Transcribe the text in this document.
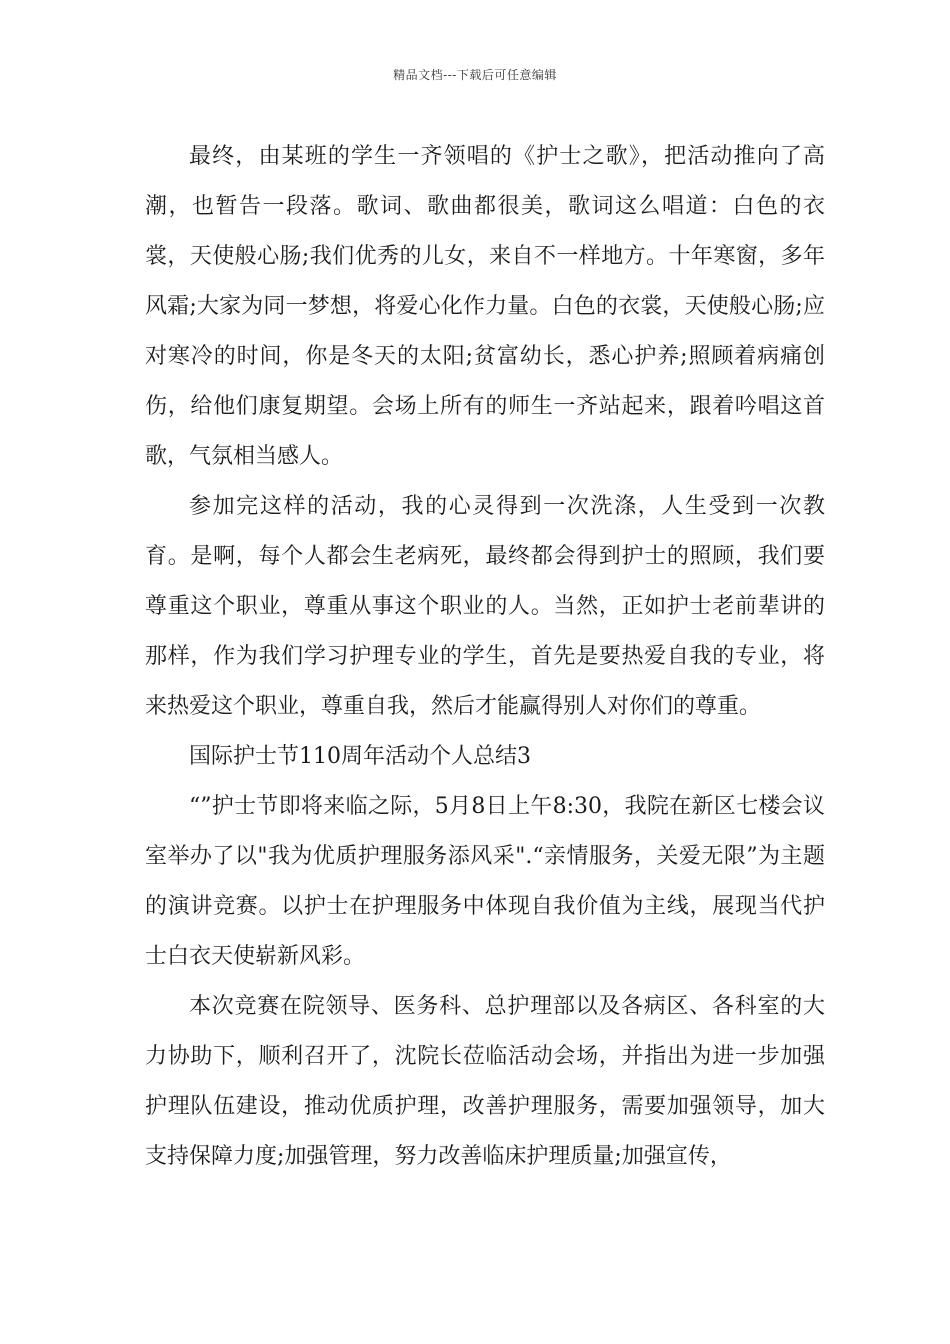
精品文档---下载后可任意编辑

最终，由某班的学生一齐领唱的《护士之歌》，把活动推向了高潮，也暂告一段落。歌词、歌曲都很美，歌词这么唱道：白色的衣裳，天使般心肠;我们优秀的儿女，来自不一样地方。十年寒窗，多年风霜;大家为同一梦想，将爱心化作力量。白色的衣裳，天使般心肠;应对寒冷的时间，你是冬天的太阳;贫富幼长，悉心护养;照顾着病痛创伤，给他们康复期望。会场上所有的师生一齐站起来，跟着吟唱这首歌，气氛相当感人。

参加完这样的活动，我的心灵得到一次洗涤，人生受到一次教育。是啊，每个人都会生老病死，最终都会得到护士的照顾，我们要尊重这个职业，尊重从事这个职业的人。当然，正如护士老前辈讲的那样，作为我们学习护理专业的学生，首先是要热爱自我的专业，将来热爱这个职业，尊重自我，然后才能赢得别人对你们的尊重。

国际护士节110周年活动个人总结3

“”护士节即将来临之际，5月8日上午8:30，我院在新区七楼会议室举办了以"我为优质护理服务添风采".“亲情服务，关爱无限”为主题的演讲竞赛。以护士在护理服务中体现自我价值为主线，展现当代护士白衣天使崭新风彩。

本次竞赛在院领导、医务科、总护理部以及各病区、各科室的大力协助下，顺利召开了，沈院长莅临活动会场，并指出为进一步加强护理队伍建设，推动优质护理，改善护理服务，需要加强领导，加大支持保障力度;加强管理，努力改善临床护理质量;加强宣传，
